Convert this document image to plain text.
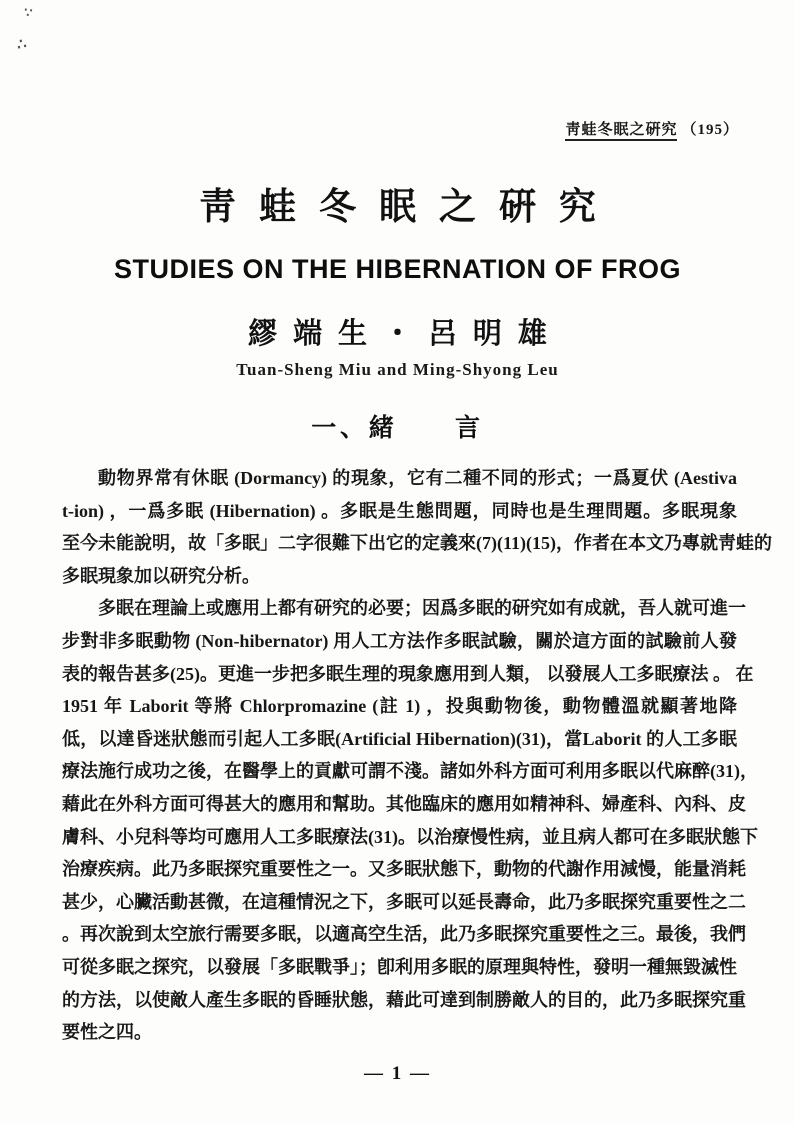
∵
∴
靑蛙冬眠之硏究 （195）
靑蛙冬眠之硏究
STUDIES ON THE HIBERNATION OF FROG
繆端生・呂明雄
Tuan-Sheng Miu and Ming-Shyong Leu
一、緒　　言
動物界常有休眠 (Dormancy) 的現象，它有二種不同的形式；一爲夏伏 (Aestiva
t-ion) ，一爲多眠 (Hibernation) 。多眠是生態問題，同時也是生理問題。多眠現象
至今未能說明，故「多眠」二字很難下出它的定義來(7)(11)(15)，作者在本文乃專就靑蛙的
多眠現象加以研究分析。
多眠在理論上或應用上都有研究的必要；因爲多眠的研究如有成就，吾人就可進一
步對非多眠動物 (Non-hibernator) 用人工方法作多眠試驗，關於這方面的試驗前人發
表的報告甚多(25)。更進一步把多眠生理的現象應用到人類， 以發展人工多眠療法 。 在
1951 年 Laborit 等將 Chlorpromazine (註 1) ，投與動物後，動物體溫就顯著地降
低，以達昏迷狀態而引起人工多眠(Artificial Hibernation)(31)，當Laborit 的人工多眠
療法施行成功之後，在醫學上的貢獻可謂不淺。諸如外科方面可利用多眠以代麻醉(31)，
藉此在外科方面可得甚大的應用和幫助。其他臨床的應用如精神科、婦產科、內科、皮
膚科、小兒科等均可應用人工多眠療法(31)。以治療慢性病，並且病人都可在多眠狀態下
治療疾病。此乃多眠探究重要性之一。又多眠狀態下，動物的代謝作用減慢，能量消耗
甚少，心臟活動甚微，在這種情況之下，多眠可以延長壽命，此乃多眠探究重要性之二
。再次說到太空旅行需要多眠，以適高空生活，此乃多眠探究重要性之三。最後，我們
可從多眠之探究，以發展「多眠戰爭」；卽利用多眠的原理與特性，發明一種無毀滅性
的方法，以使敵人產生多眠的昏睡狀態，藉此可達到制勝敵人的目的，此乃多眠探究重
要性之四。
— 1 —
